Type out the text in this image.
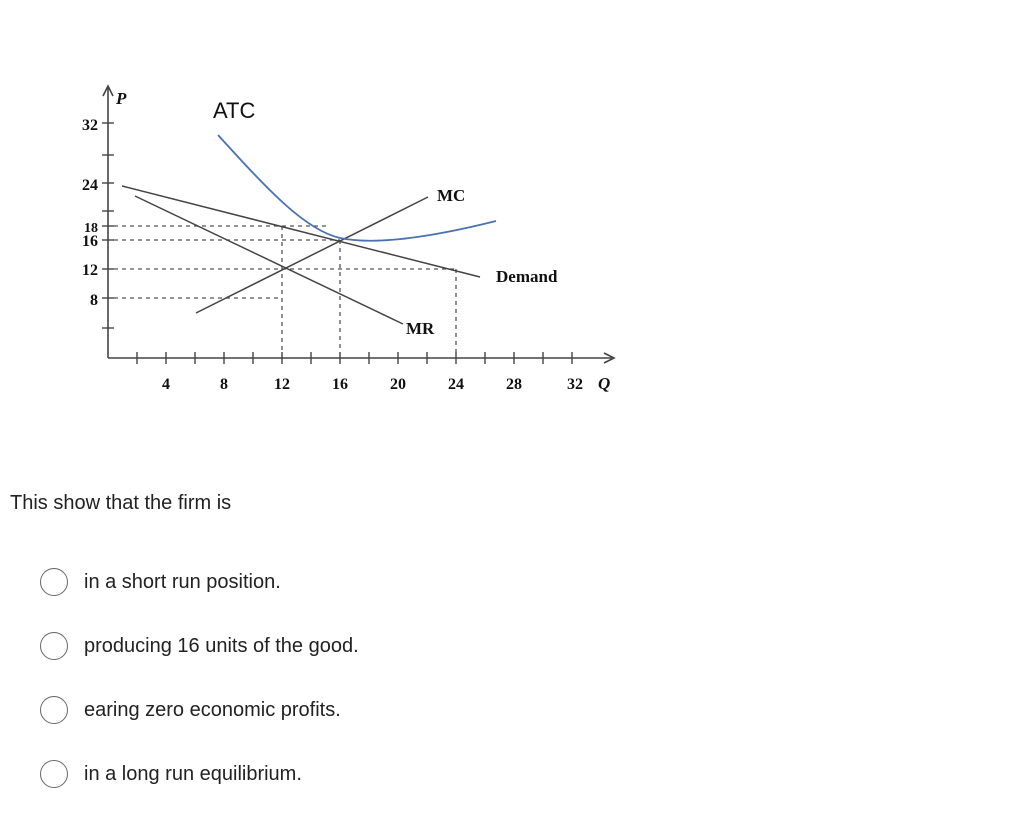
P
Q
32
24
18
16
12
8
4	8	12	16	20	24	28	32
Demand
MR
MC
ATC
This show that the firm is
in a short run position.
producing 16 units of the good.
earing zero economic profits.
in a long run equilibrium.
